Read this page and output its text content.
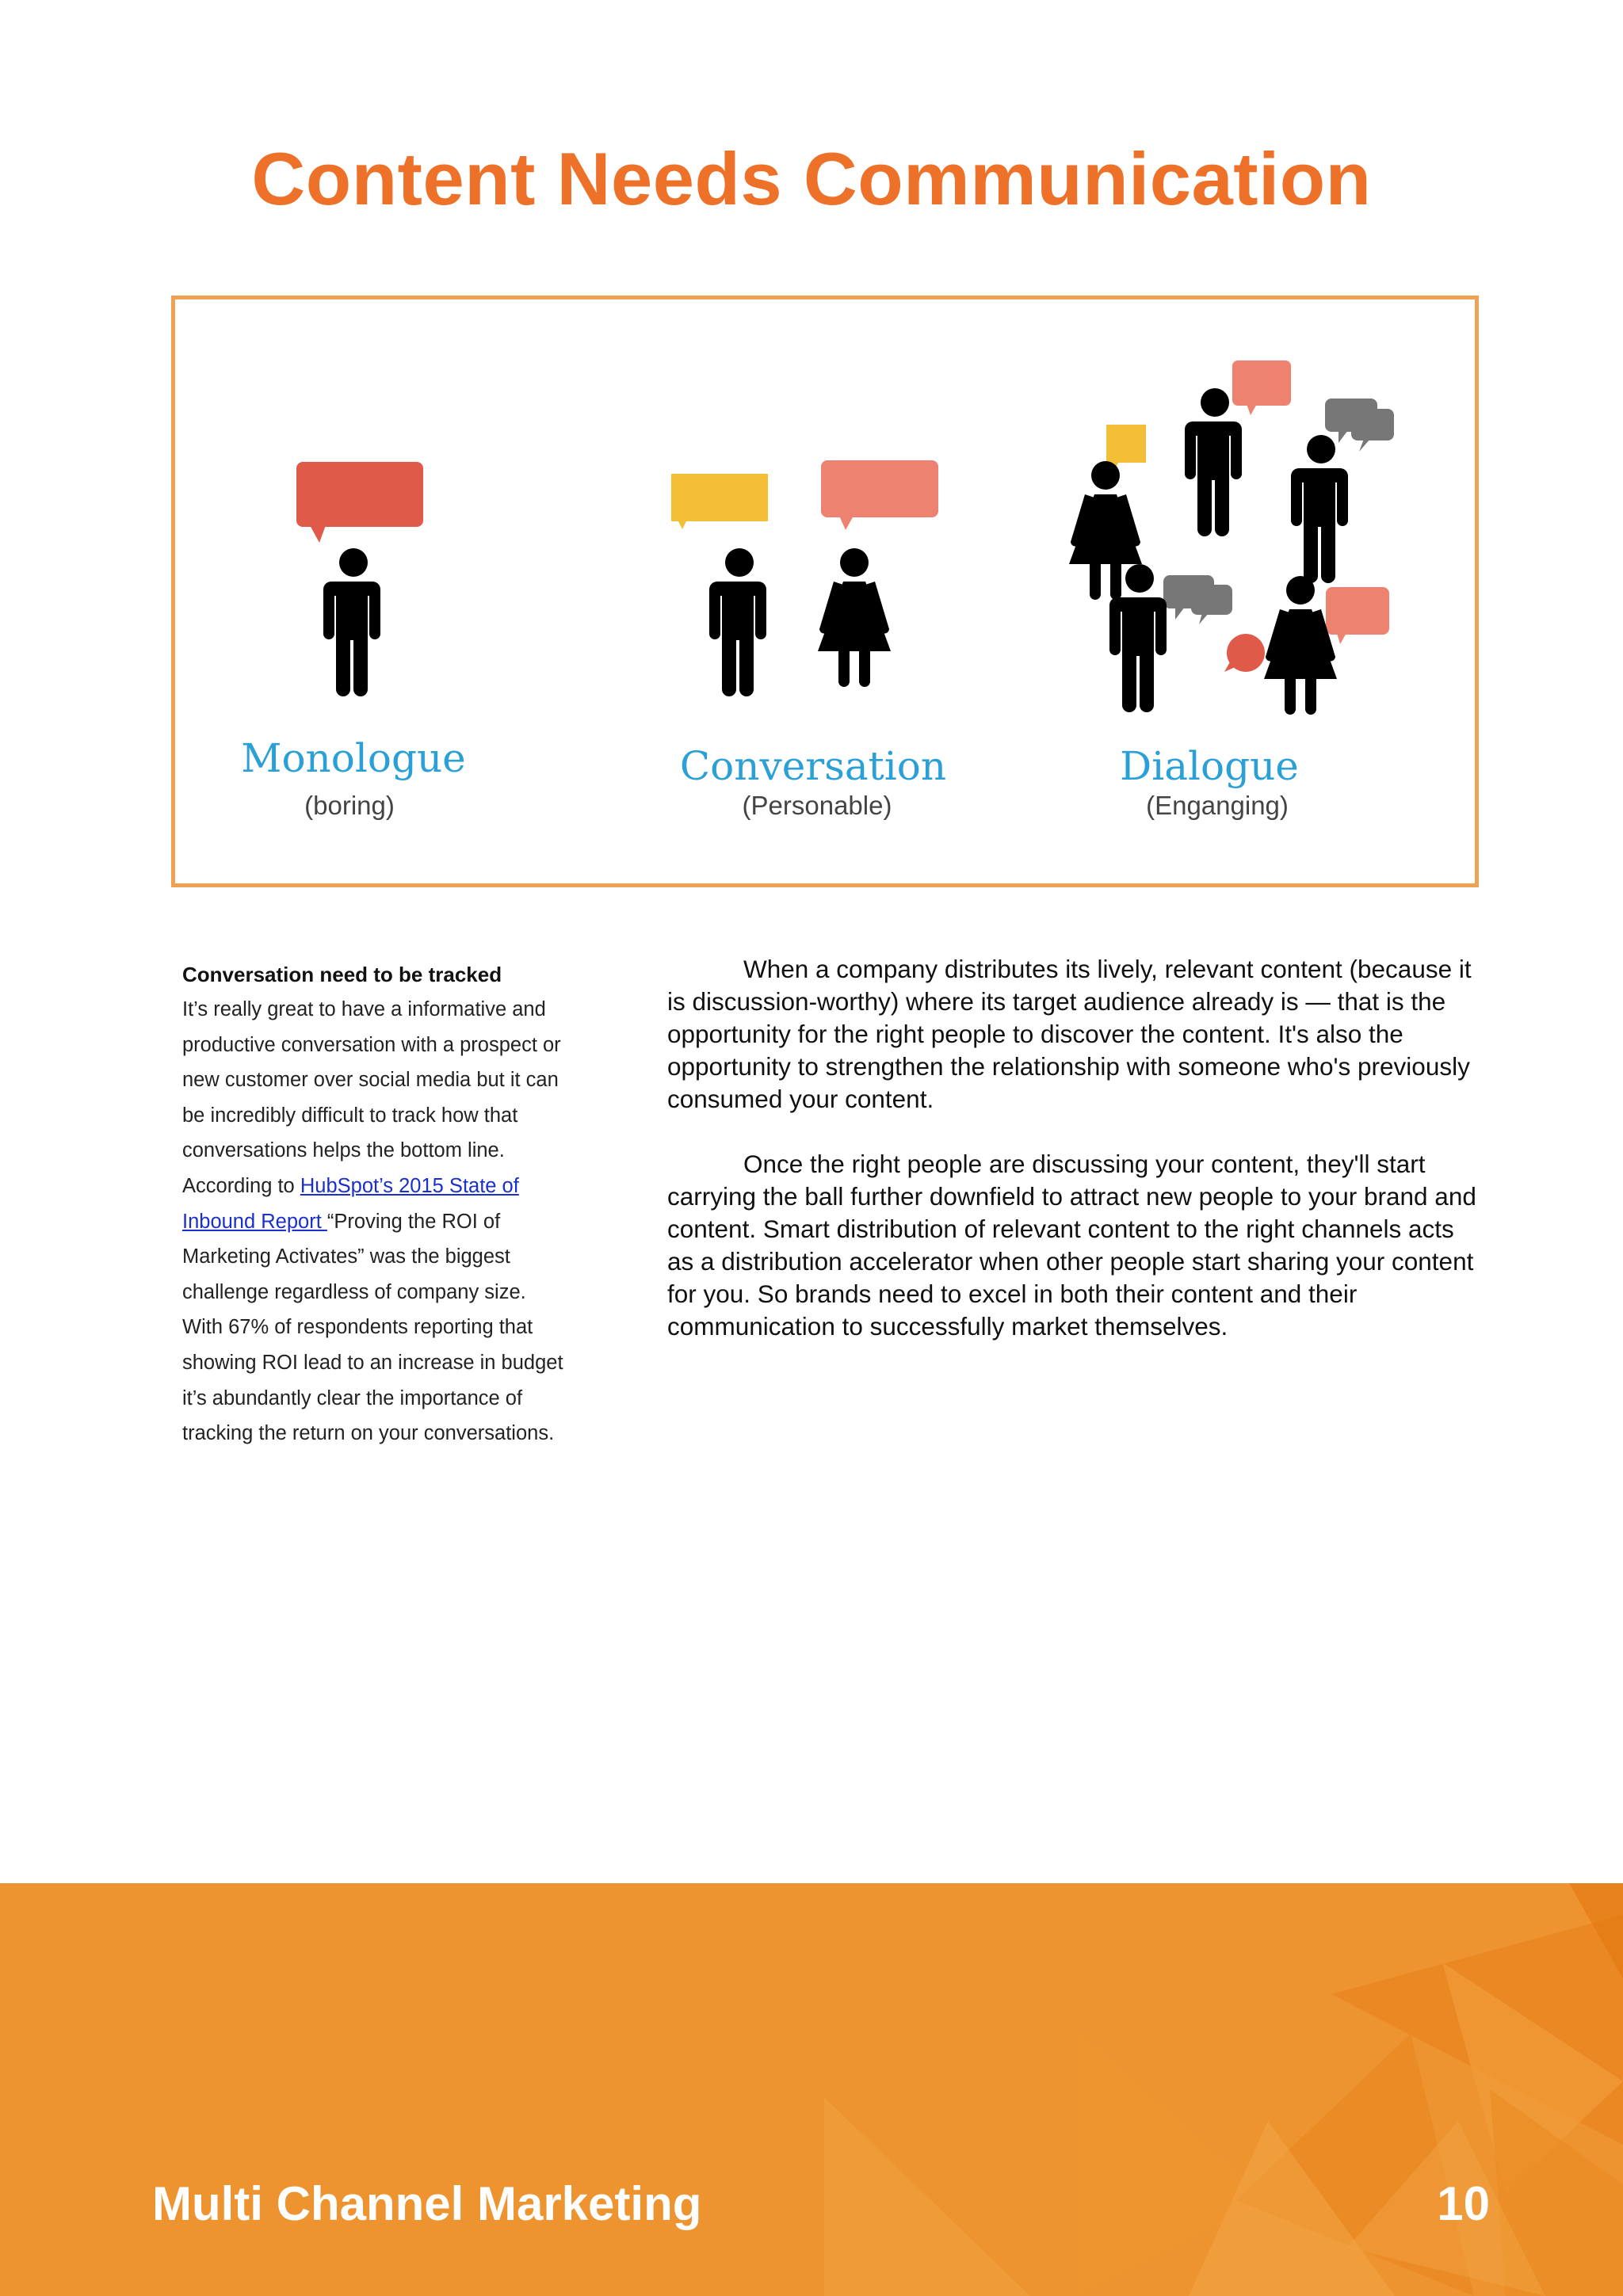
Content Needs Communication
Monologue
(boring)
Conversation
(Personable)
Dialogue
(Enganging)
Conversation need to be tracked

It’s really great to have a informative and productive conversation with a prospect or new customer over social media but it can be incredibly difficult to track how that conversations helps the bottom line. According to HubSpot’s 2015 State of Inbound Report “Proving the ROI of Marketing Activates” was the biggest challenge regardless of company size. With 67% of respondents reporting that showing ROI lead to an increase in budget it’s abundantly clear the importance of tracking the return on your conversations.

When a company distributes its lively, relevant content (because it is discussion-worthy) where its target audience already is — that is the opportunity for the right people to discover the content. It's also the opportunity to strengthen the relationship with someone who's previously consumed your content.

Once the right people are discussing your content, they'll start carrying the ball further downfield to attract new people to your brand and content. Smart distribution of relevant content to the right channels acts as a distribution accelerator when other people start sharing your content for you. So brands need to excel in both their content and their communication to successfully market themselves.

Multi Channel Marketing	10
